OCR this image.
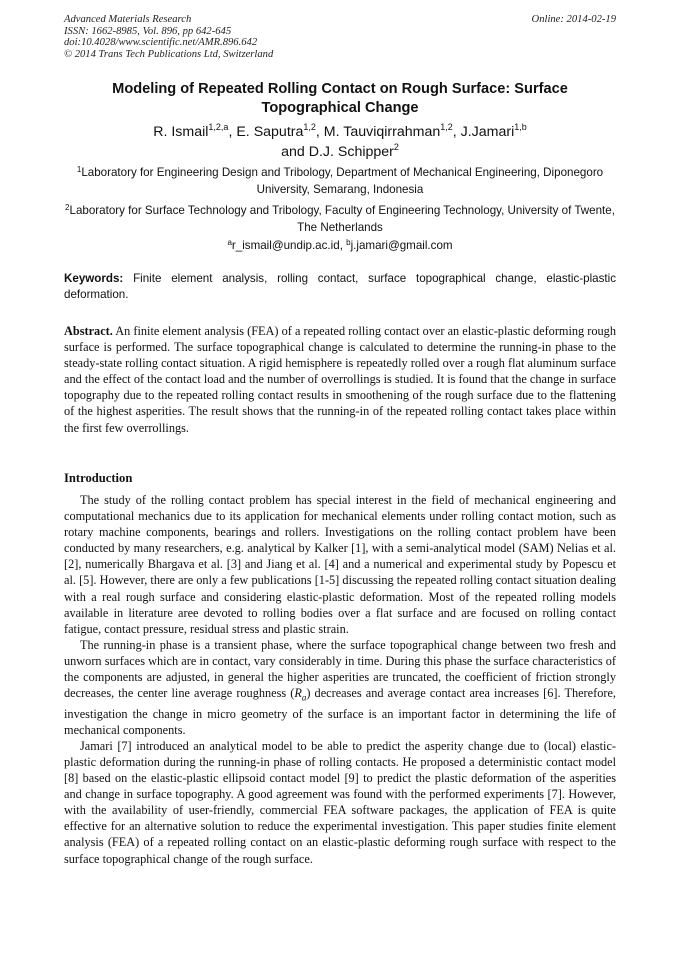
Advanced Materials Research
ISSN: 1662-8985, Vol. 896, pp 642-645
doi:10.4028/www.scientific.net/AMR.896.642
© 2014 Trans Tech Publications Ltd, Switzerland
Online: 2014-02-19
Modeling of Repeated Rolling Contact on Rough Surface: Surface Topographical Change
R. Ismail$^{1,2,a}$, E. Saputra$^{1,2}$, M. Tauviqirrahman$^{1,2}$, J.Jamari$^{1,b}$
and D.J. Schipper$^2$
$^1$Laboratory for Engineering Design and Tribology, Department of Mechanical Engineering, Diponegoro University, Semarang, Indonesia
$^2$Laboratory for Surface Technology and Tribology, Faculty of Engineering Technology, University of Twente, The Netherlands
$^a$r_ismail@undip.ac.id, $^b$j.jamari@gmail.com
Keywords: Finite element analysis, rolling contact, surface topographical change, elastic-plastic deformation.
Abstract. An finite element analysis (FEA) of a repeated rolling contact over an elastic-plastic deforming rough surface is performed. The surface topographical change is calculated to determine the running-in phase to the steady-state rolling contact situation. A rigid hemisphere is repeatedly rolled over a rough flat aluminum surface and the effect of the contact load and the number of overrollings is studied. It is found that the change in surface topography due to the repeated rolling contact results in smoothening of the rough surface due to the flattening of the highest asperities. The result shows that the running-in of the repeated rolling contact takes place within the first few overrollings.
Introduction

The study of the rolling contact problem has special interest in the field of mechanical engineering and computational mechanics due to its application for mechanical elements under rolling contact motion, such as rotary machine components, bearings and rollers. Investigations on the rolling contact problem have been conducted by many researchers, e.g. analytical by Kalker [1], with a semi-analytical model (SAM) Nelias et al. [2], numerically Bhargava et al. [3] and Jiang et al. [4] and a numerical and experimental study by Popescu et al. [5]. However, there are only a few publications [1-5] discussing the repeated rolling contact situation dealing with a real rough surface and considering elastic-plastic deformation. Most of the repeated rolling models available in literature aree devoted to rolling bodies over a flat surface and are focused on rolling contact fatigue, contact pressure, residual stress and plastic strain.

The running-in phase is a transient phase, where the surface topographical change between two fresh and unworn surfaces which are in contact, vary considerably in time. During this phase the surface characteristics of the components are adjusted, in general the higher asperities are truncated, the coefficient of friction strongly decreases, the center line average roughness $(R_a)$ decreases and average contact area increases [6]. Therefore, investigation the change in micro geometry of the surface is an important factor in determining the life of mechanical components.

Jamari [7] introduced an analytical model to be able to predict the asperity change due to (local) elastic-plastic deformation during the running-in phase of rolling contacts. He proposed a deterministic contact model [8] based on the elastic-plastic ellipsoid contact model [9] to predict the plastic deformation of the asperities and change in surface topography. A good agreement was found with the performed experiments [7]. However, with the availability of user-friendly, commercial FEA software packages, the application of FEA is quite effective for an alternative solution to reduce the experimental investigation. This paper studies finite element analysis (FEA) of a repeated rolling contact on an elastic-plastic deforming rough surface with respect to the surface topographical change of the rough surface.
